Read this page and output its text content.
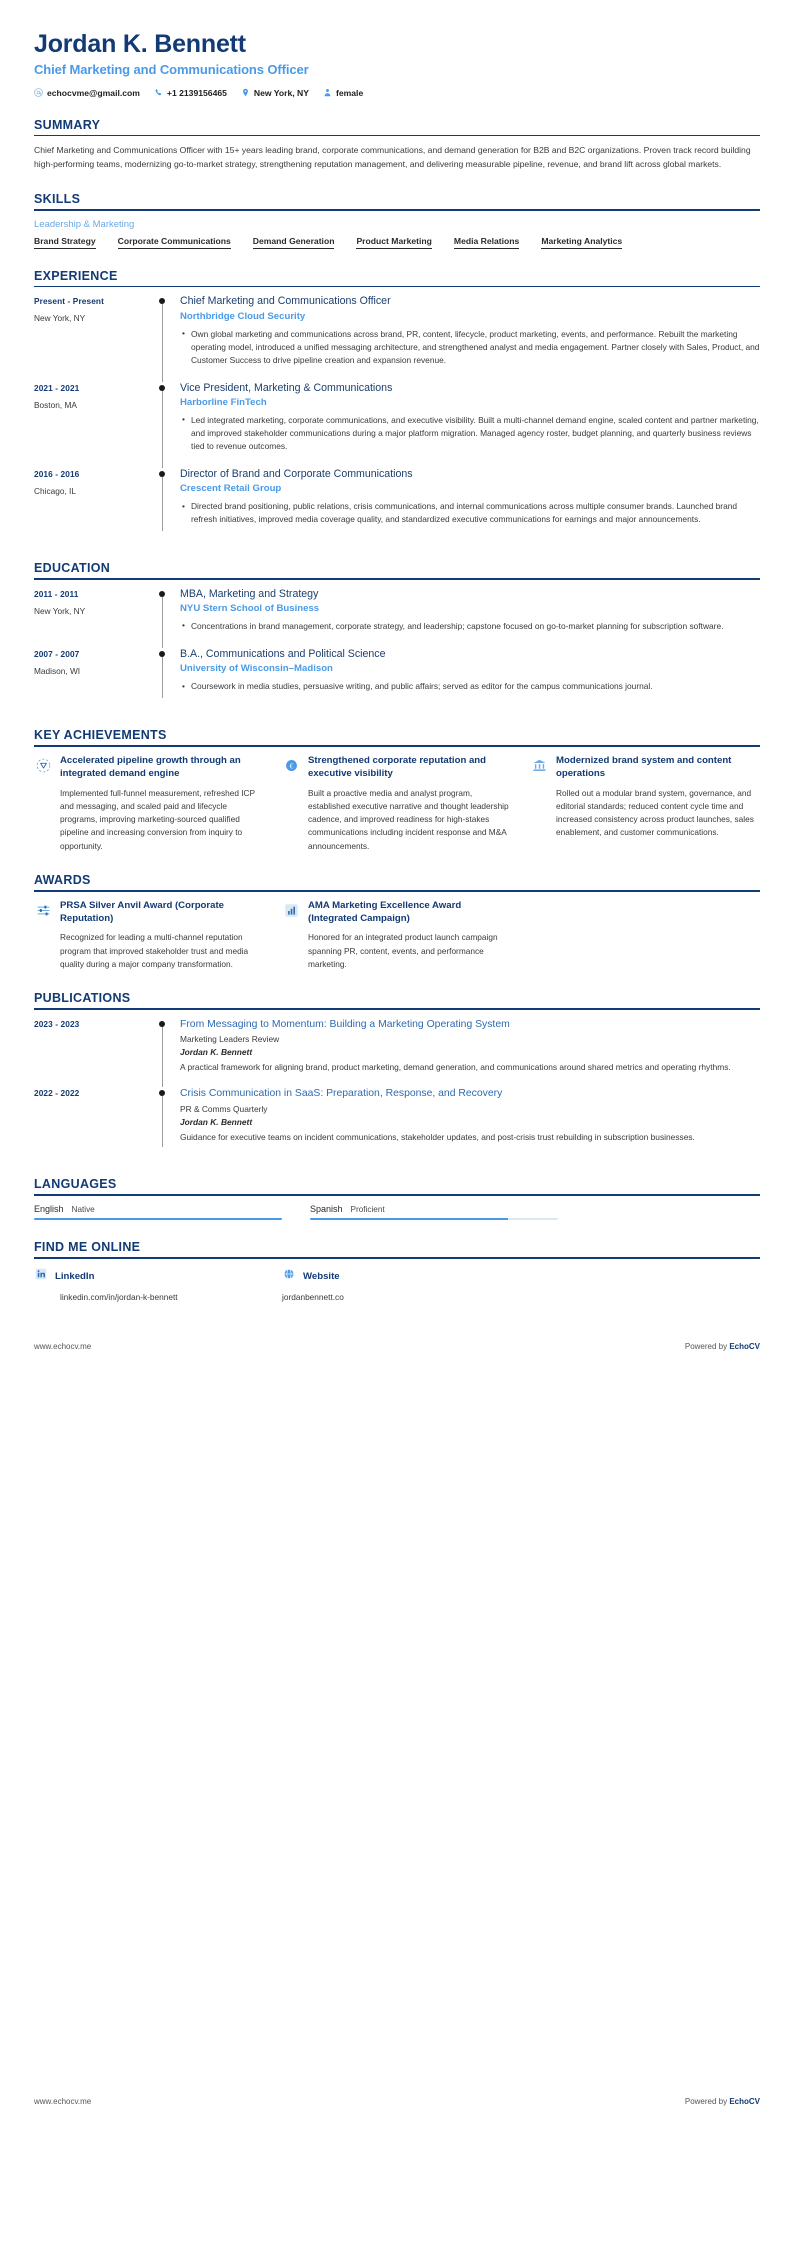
Jordan K. Bennett
Chief Marketing and Communications Officer
echocvme@gmail.com	+1 2139156465	New York, NY	female
SUMMARY
Chief Marketing and Communications Officer with 15+ years leading brand, corporate communications, and demand generation for B2B and B2C organizations. Proven track record building high-performing teams, modernizing go-to-market strategy, strengthening reputation management, and delivering measurable pipeline, revenue, and brand lift across global markets.
SKILLS
Leadership & Marketing
Brand Strategy	Corporate Communications	Demand Generation	Product Marketing	Media Relations	Marketing Analytics
EXPERIENCE
Present - Present
New York, NY
Chief Marketing and Communications Officer
Northbridge Cloud Security
• Own global marketing and communications across brand, PR, content, lifecycle, product marketing, events, and performance. Rebuilt the marketing operating model, introduced a unified messaging architecture, and strengthened analyst and media engagement. Partner closely with Sales, Product, and Customer Success to drive pipeline creation and expansion revenue.
2021 - 2021
Boston, MA
Vice President, Marketing & Communications
Harborline FinTech
• Led integrated marketing, corporate communications, and executive visibility. Built a multi-channel demand engine, scaled content and partner marketing, and improved stakeholder communications during a major platform migration. Managed agency roster, budget planning, and quarterly business reviews tied to revenue outcomes.
2016 - 2016
Chicago, IL
Director of Brand and Corporate Communications
Crescent Retail Group
• Directed brand positioning, public relations, crisis communications, and internal communications across multiple consumer brands. Launched brand refresh initiatives, improved media coverage quality, and standardized executive communications for earnings and major announcements.
EDUCATION
2011 - 2011
New York, NY
MBA, Marketing and Strategy
NYU Stern School of Business
• Concentrations in brand management, corporate strategy, and leadership; capstone focused on go-to-market planning for subscription software.
2007 - 2007
Madison, WI
B.A., Communications and Political Science
University of Wisconsin–Madison
• Coursework in media studies, persuasive writing, and public affairs; served as editor for the campus communications journal.
KEY ACHIEVEMENTS
Accelerated pipeline growth through an integrated demand engine
Implemented full-funnel measurement, refreshed ICP and messaging, and scaled paid and lifecycle programs, improving marketing-sourced qualified pipeline and increasing conversion from inquiry to opportunity.
€
Strengthened corporate reputation and executive visibility
Built a proactive media and analyst program, established executive narrative and thought leadership cadence, and improved readiness for high-stakes communications including incident response and M&A announcements.
Modernized brand system and content operations
Rolled out a modular brand system, governance, and editorial standards; reduced content cycle time and increased consistency across product launches, sales enablement, and customer communications.
AWARDS
PRSA Silver Anvil Award (Corporate Reputation)
Recognized for leading a multi-channel reputation program that improved stakeholder trust and media quality during a major company transformation.
AMA Marketing Excellence Award (Integrated Campaign)
Honored for an integrated product launch campaign spanning PR, content, events, and performance marketing.
PUBLICATIONS
2023 - 2023	From Messaging to Momentum: Building a Marketing Operating System
Marketing Leaders Review
Jordan K. Bennett
A practical framework for aligning brand, product marketing, demand generation, and communications around shared metrics and operating rhythms.
2022 - 2022	Crisis Communication in SaaS: Preparation, Response, and Recovery
PR & Comms Quarterly
Jordan K. Bennett
Guidance for executive teams on incident communications, stakeholder updates, and post-crisis trust rebuilding in subscription businesses.
LANGUAGES
English Native	Spanish Proficient
FIND ME ONLINE
LinkedIn
linkedin.com/in/jordan-k-bennett
Website
jordanbennett.co
www.echocv.me	Powered by EchoCV
www.echocv.me	Powered by EchoCV
